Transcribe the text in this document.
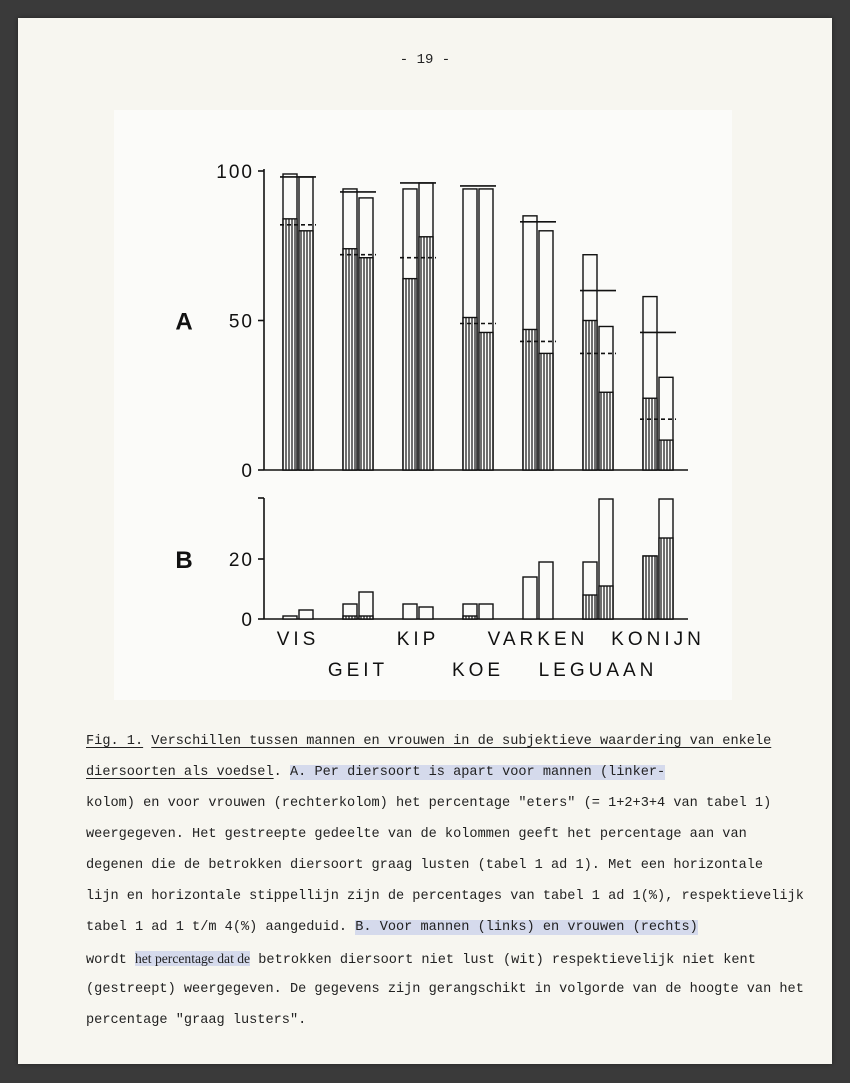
- 19 -
100
50
0
A
20
0
B
VIS	KIP	VARKEN KONIJN
GEIT	KOE LEGUAAN
Fig. 1. Verschillen tussen mannen en vrouwen in de subjektieve waardering van enkele
diersoorten als voedsel. A. Per diersoort is apart voor mannen (linker-
kolom) en voor vrouwen (rechterkolom) het percentage "eters" (= 1+2+3+4 van tabel 1)
weergegeven. Het gestreepte gedeelte van de kolommen geeft het percentage aan van
degenen die de betrokken diersoort graag lusten (tabel 1 ad 1). Met een horizontale
lijn en horizontale stippellijn zijn de percentages van tabel 1 ad 1(%), respektievelijk
tabel 1 ad 1 t/m 4(%) aangeduid. B. Voor mannen (links) en vrouwen (rechts)
wordt het percentage dat de betrokken diersoort niet lust (wit) respektievelijk niet kent
(gestreept) weergegeven. De gegevens zijn gerangschikt in volgorde van de hoogte van het
percentage "graag lusters".
